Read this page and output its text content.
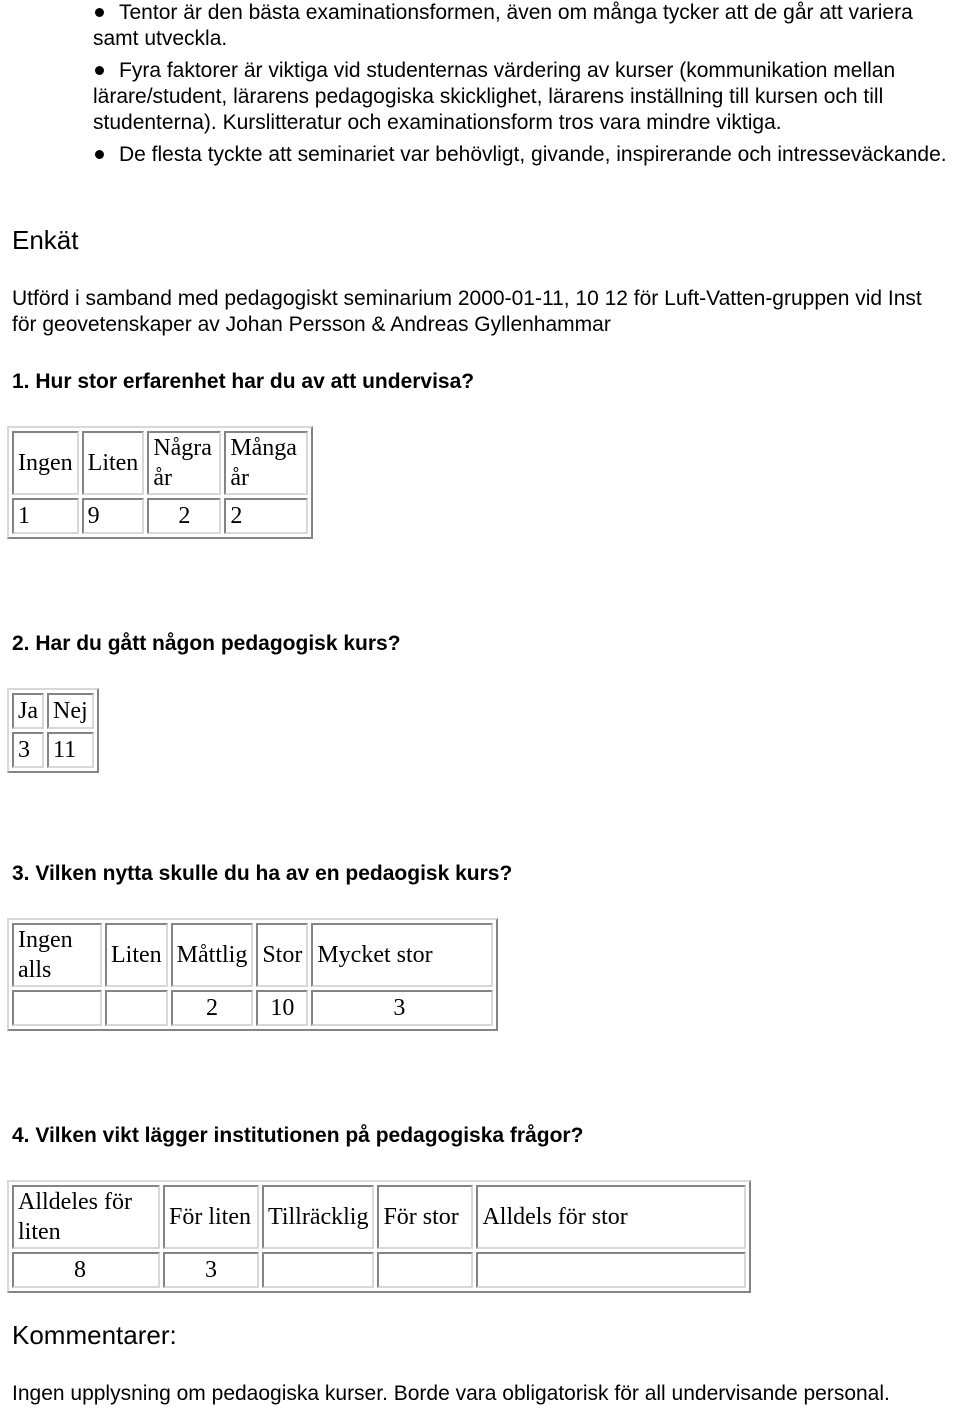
Tentor är den bästa examinationsformen, även om många tycker att de går att variera samt utveckla.
Fyra faktorer är viktiga vid studenternas värdering av kurser (kommunikation mellan lärare/student, lärarens pedagogiska skicklighet, lärarens inställning till kursen och till studenterna). Kurslitteratur och examinationsform tros vara mindre viktiga.
De flesta tyckte att seminariet var behövligt, givande, inspirerande och intresseväckande.
Enkät
Utförd i samband med pedagogiskt seminarium 2000-01-11, 10 12 för Luft-Vatten-gruppen vid Inst för geovetenskaper av Johan Persson & Andreas Gyllenhammar
1. Hur stor erfarenhet har du av att undervisa?
Ingen	Liten	Några år	Många år
1	9	2	2
2. Har du gått någon pedagogisk kurs?
Ja	Nej
3	11
3. Vilken nytta skulle du ha av en pedaogisk kurs?
Ingen alls	Liten	Måttlig	Stor	Mycket stor
		2	10	3
4. Vilken vikt lägger institutionen på pedagogiska frågor?
Alldeles för liten	För liten	Tillräcklig	För stor	Alldels för stor
8	3			
Kommentarer:
Ingen upplysning om pedaogiska kurser. Borde vara obligatorisk för all undervisande personal.
